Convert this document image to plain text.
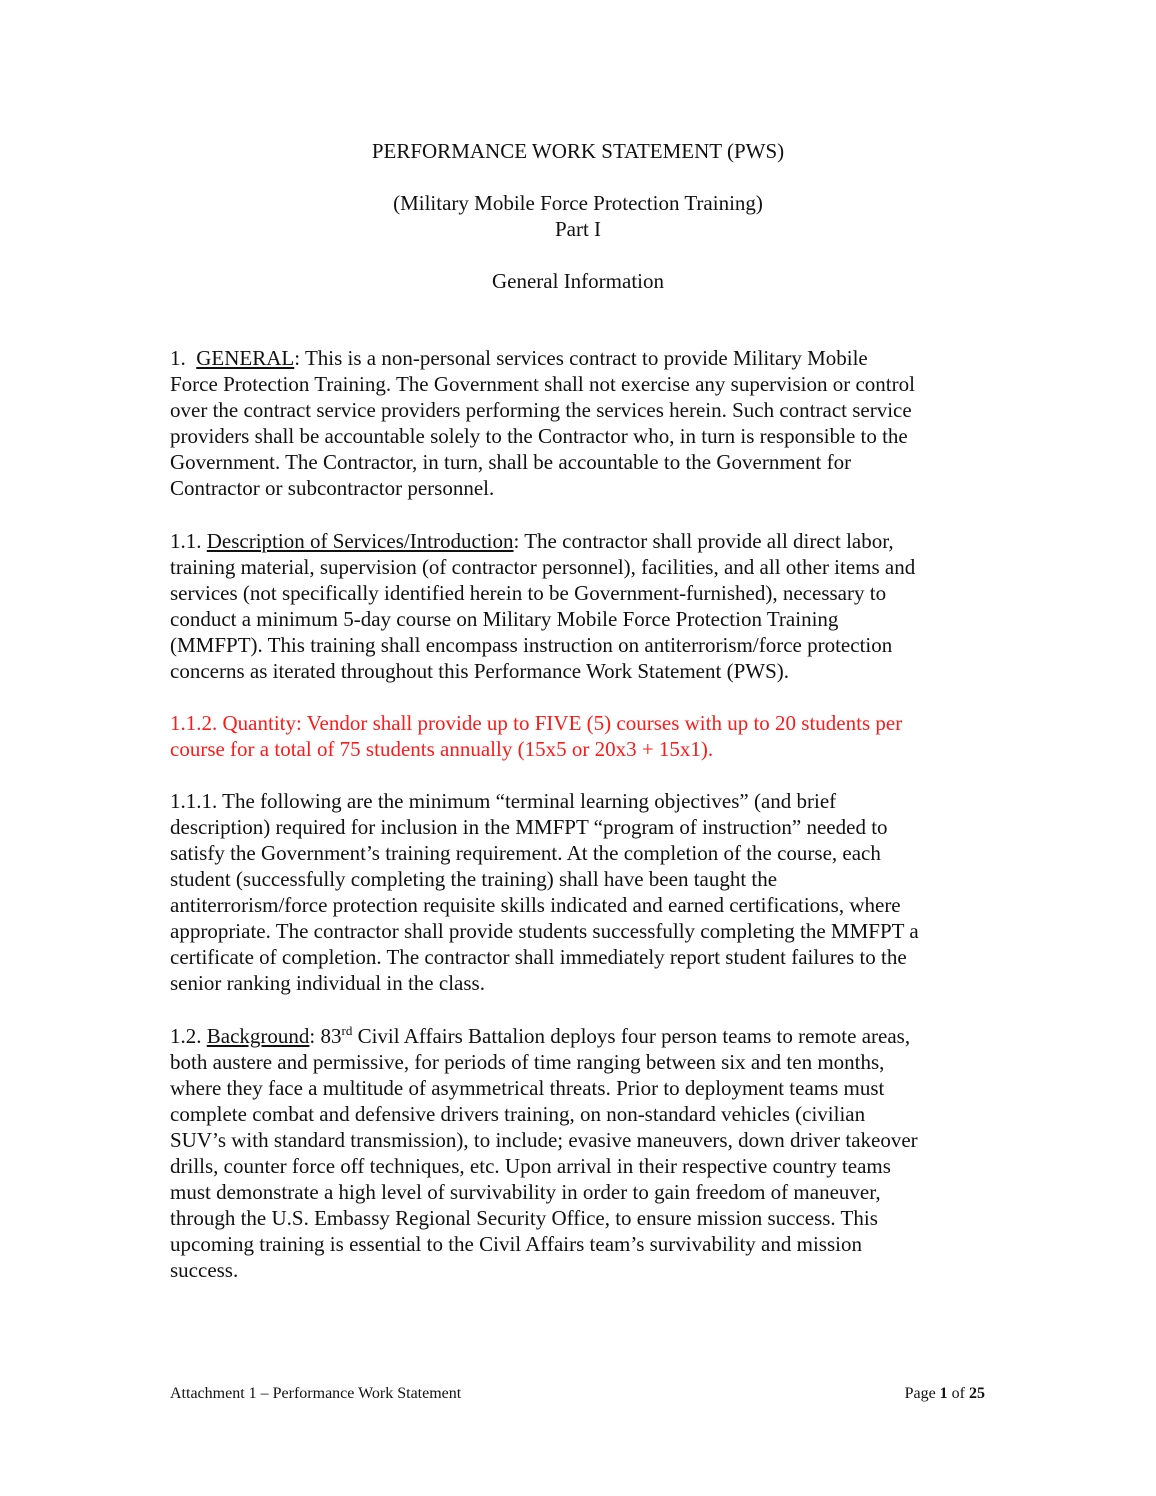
PERFORMANCE WORK STATEMENT (PWS)
(Military Mobile Force Protection Training)
Part I
General Information
1. GENERAL: This is a non-personal services contract to provide Military Mobile
Force Protection Training. The Government shall not exercise any supervision or control
over the contract service providers performing the services herein. Such contract service
providers shall be accountable solely to the Contractor who, in turn is responsible to the
Government. The Contractor, in turn, shall be accountable to the Government for
Contractor or subcontractor personnel.
1.1. Description of Services/Introduction: The contractor shall provide all direct labor,
training material, supervision (of contractor personnel), facilities, and all other items and
services (not specifically identified herein to be Government-furnished), necessary to
conduct a minimum 5-day course on Military Mobile Force Protection Training
(MMFPT). This training shall encompass instruction on antiterrorism/force protection
concerns as iterated throughout this Performance Work Statement (PWS).
1.1.2. Quantity: Vendor shall provide up to FIVE (5) courses with up to 20 students per
course for a total of 75 students annually (15x5 or 20x3 + 15x1).
1.1.1. The following are the minimum “terminal learning objectives” (and brief
description) required for inclusion in the MMFPT “program of instruction” needed to
satisfy the Government’s training requirement. At the completion of the course, each
student (successfully completing the training) shall have been taught the
antiterrorism/force protection requisite skills indicated and earned certifications, where
appropriate. The contractor shall provide students successfully completing the MMFPT a
certificate of completion. The contractor shall immediately report student failures to the
senior ranking individual in the class.
1.2. Background: 83rd Civil Affairs Battalion deploys four person teams to remote areas,
both austere and permissive, for periods of time ranging between six and ten months,
where they face a multitude of asymmetrical threats. Prior to deployment teams must
complete combat and defensive drivers training, on non-standard vehicles (civilian
SUV’s with standard transmission), to include; evasive maneuvers, down driver takeover
drills, counter force off techniques, etc. Upon arrival in their respective country teams
must demonstrate a high level of survivability in order to gain freedom of maneuver,
through the U.S. Embassy Regional Security Office, to ensure mission success. This
upcoming training is essential to the Civil Affairs team’s survivability and mission
success.
Attachment 1 – Performance Work Statement	Page 1 of 25
